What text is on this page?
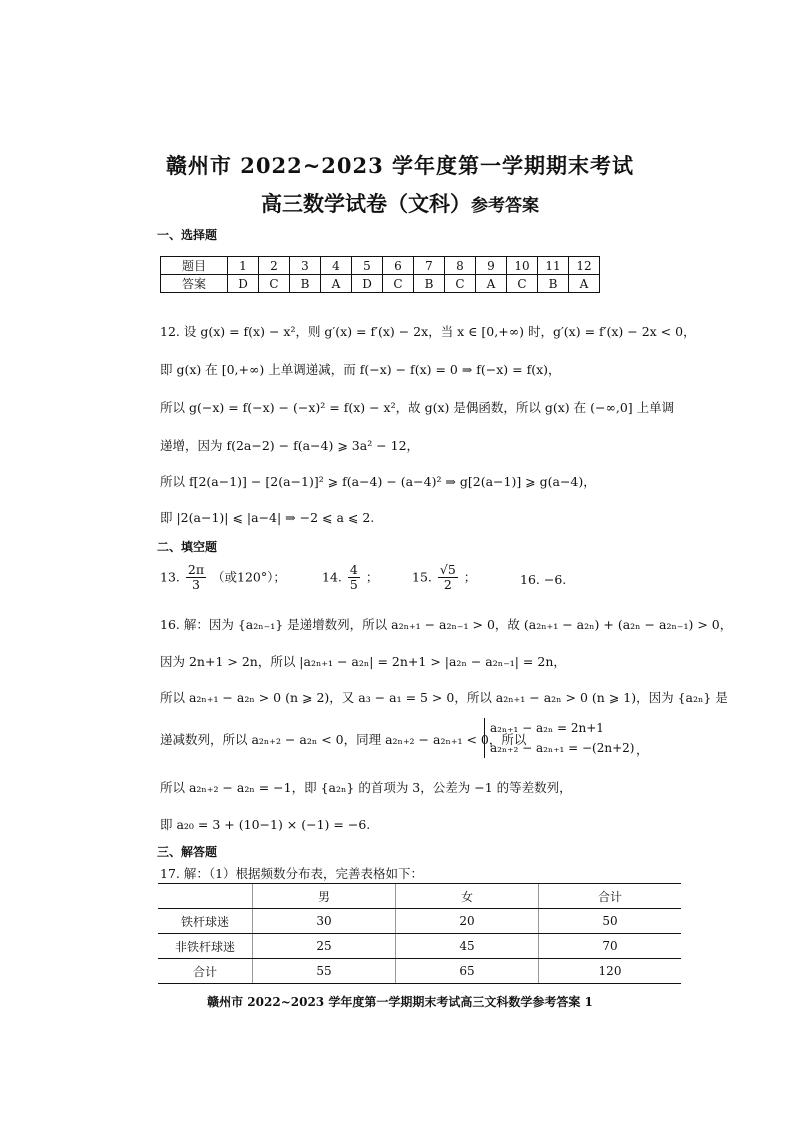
赣州市 2022~2023 学年度第一学期期末考试
高三数学试卷（文科）参考答案
一、选择题
题目	1	2	3	4	5	6	7	8	9	10	11	12
答案	D	C	B	A	D	C	B	C	A	C	B	A
12. 设 g(x) = f(x) − x²，则 g′(x) = f′(x) − 2x，当 x ∈ [0,+∞) 时，g′(x) = f′(x) − 2x < 0，
即 g(x) 在 [0,+∞) 上单调递减，而 f(−x) − f(x) = 0 ⇒ f(−x) = f(x)，
所以 g(−x) = f(−x) − (−x)² = f(x) − x²，故 g(x) 是偶函数，所以 g(x) 在 (−∞,0] 上单调
递增，因为 f(2a−2) − f(a−4) ⩾ 3a² − 12，
所以 f[2(a−1)] − [2(a−1)]² ⩾ f(a−4) − (a−4)² ⇒ g[2(a−1)] ⩾ g(a−4)，
即 |2(a−1)| ⩽ |a−4| ⇒ −2 ⩽ a ⩽ 2.
二、填空题
13. $\frac{2\pi}{3}$ （或120°）；	14. $\frac{4}{5}$ ；	15. $\frac{√5}{2}$ ；	16. −6.
16. 解：因为 {a₂ₙ₋₁} 是递增数列，所以 a₂ₙ₊₁ − a₂ₙ₋₁ > 0，故 (a₂ₙ₊₁ − a₂ₙ) + (a₂ₙ − a₂ₙ₋₁) > 0，
因为 2n+1 > 2n，所以 |a₂ₙ₊₁ − a₂ₙ| = 2n+1 > |a₂ₙ − a₂ₙ₋₁| = 2n，
所以 a₂ₙ₊₁ − a₂ₙ > 0 (n ⩾ 2)，又 a₃ − a₁ = 5 > 0，所以 a₂ₙ₊₁ − a₂ₙ > 0 (n ⩾ 1)，因为 {a₂ₙ} 是
递减数列，所以 a₂ₙ₊₂ − a₂ₙ < 0，同理 a₂ₙ₊₂ − a₂ₙ₊₁ < 0，所以
a₂ₙ₊₁ − a₂ₙ = 2n+1
a₂ₙ₊₂ − a₂ₙ₊₁ = −(2n+2) ，
所以 a₂ₙ₊₂ − a₂ₙ = −1，即 {a₂ₙ} 的首项为 3，公差为 −1 的等差数列，
即 a₂₀ = 3 + (10−1) × (−1) = −6.
三、解答题
17. 解：（1）根据频数分布表，完善表格如下：
	男	女	合计
铁杆球迷	30	20	50
非铁杆球迷	25	45	70
合计	55	65	120
赣州市 2022~2023 学年度第一学期期末考试高三文科数学参考答案 1
